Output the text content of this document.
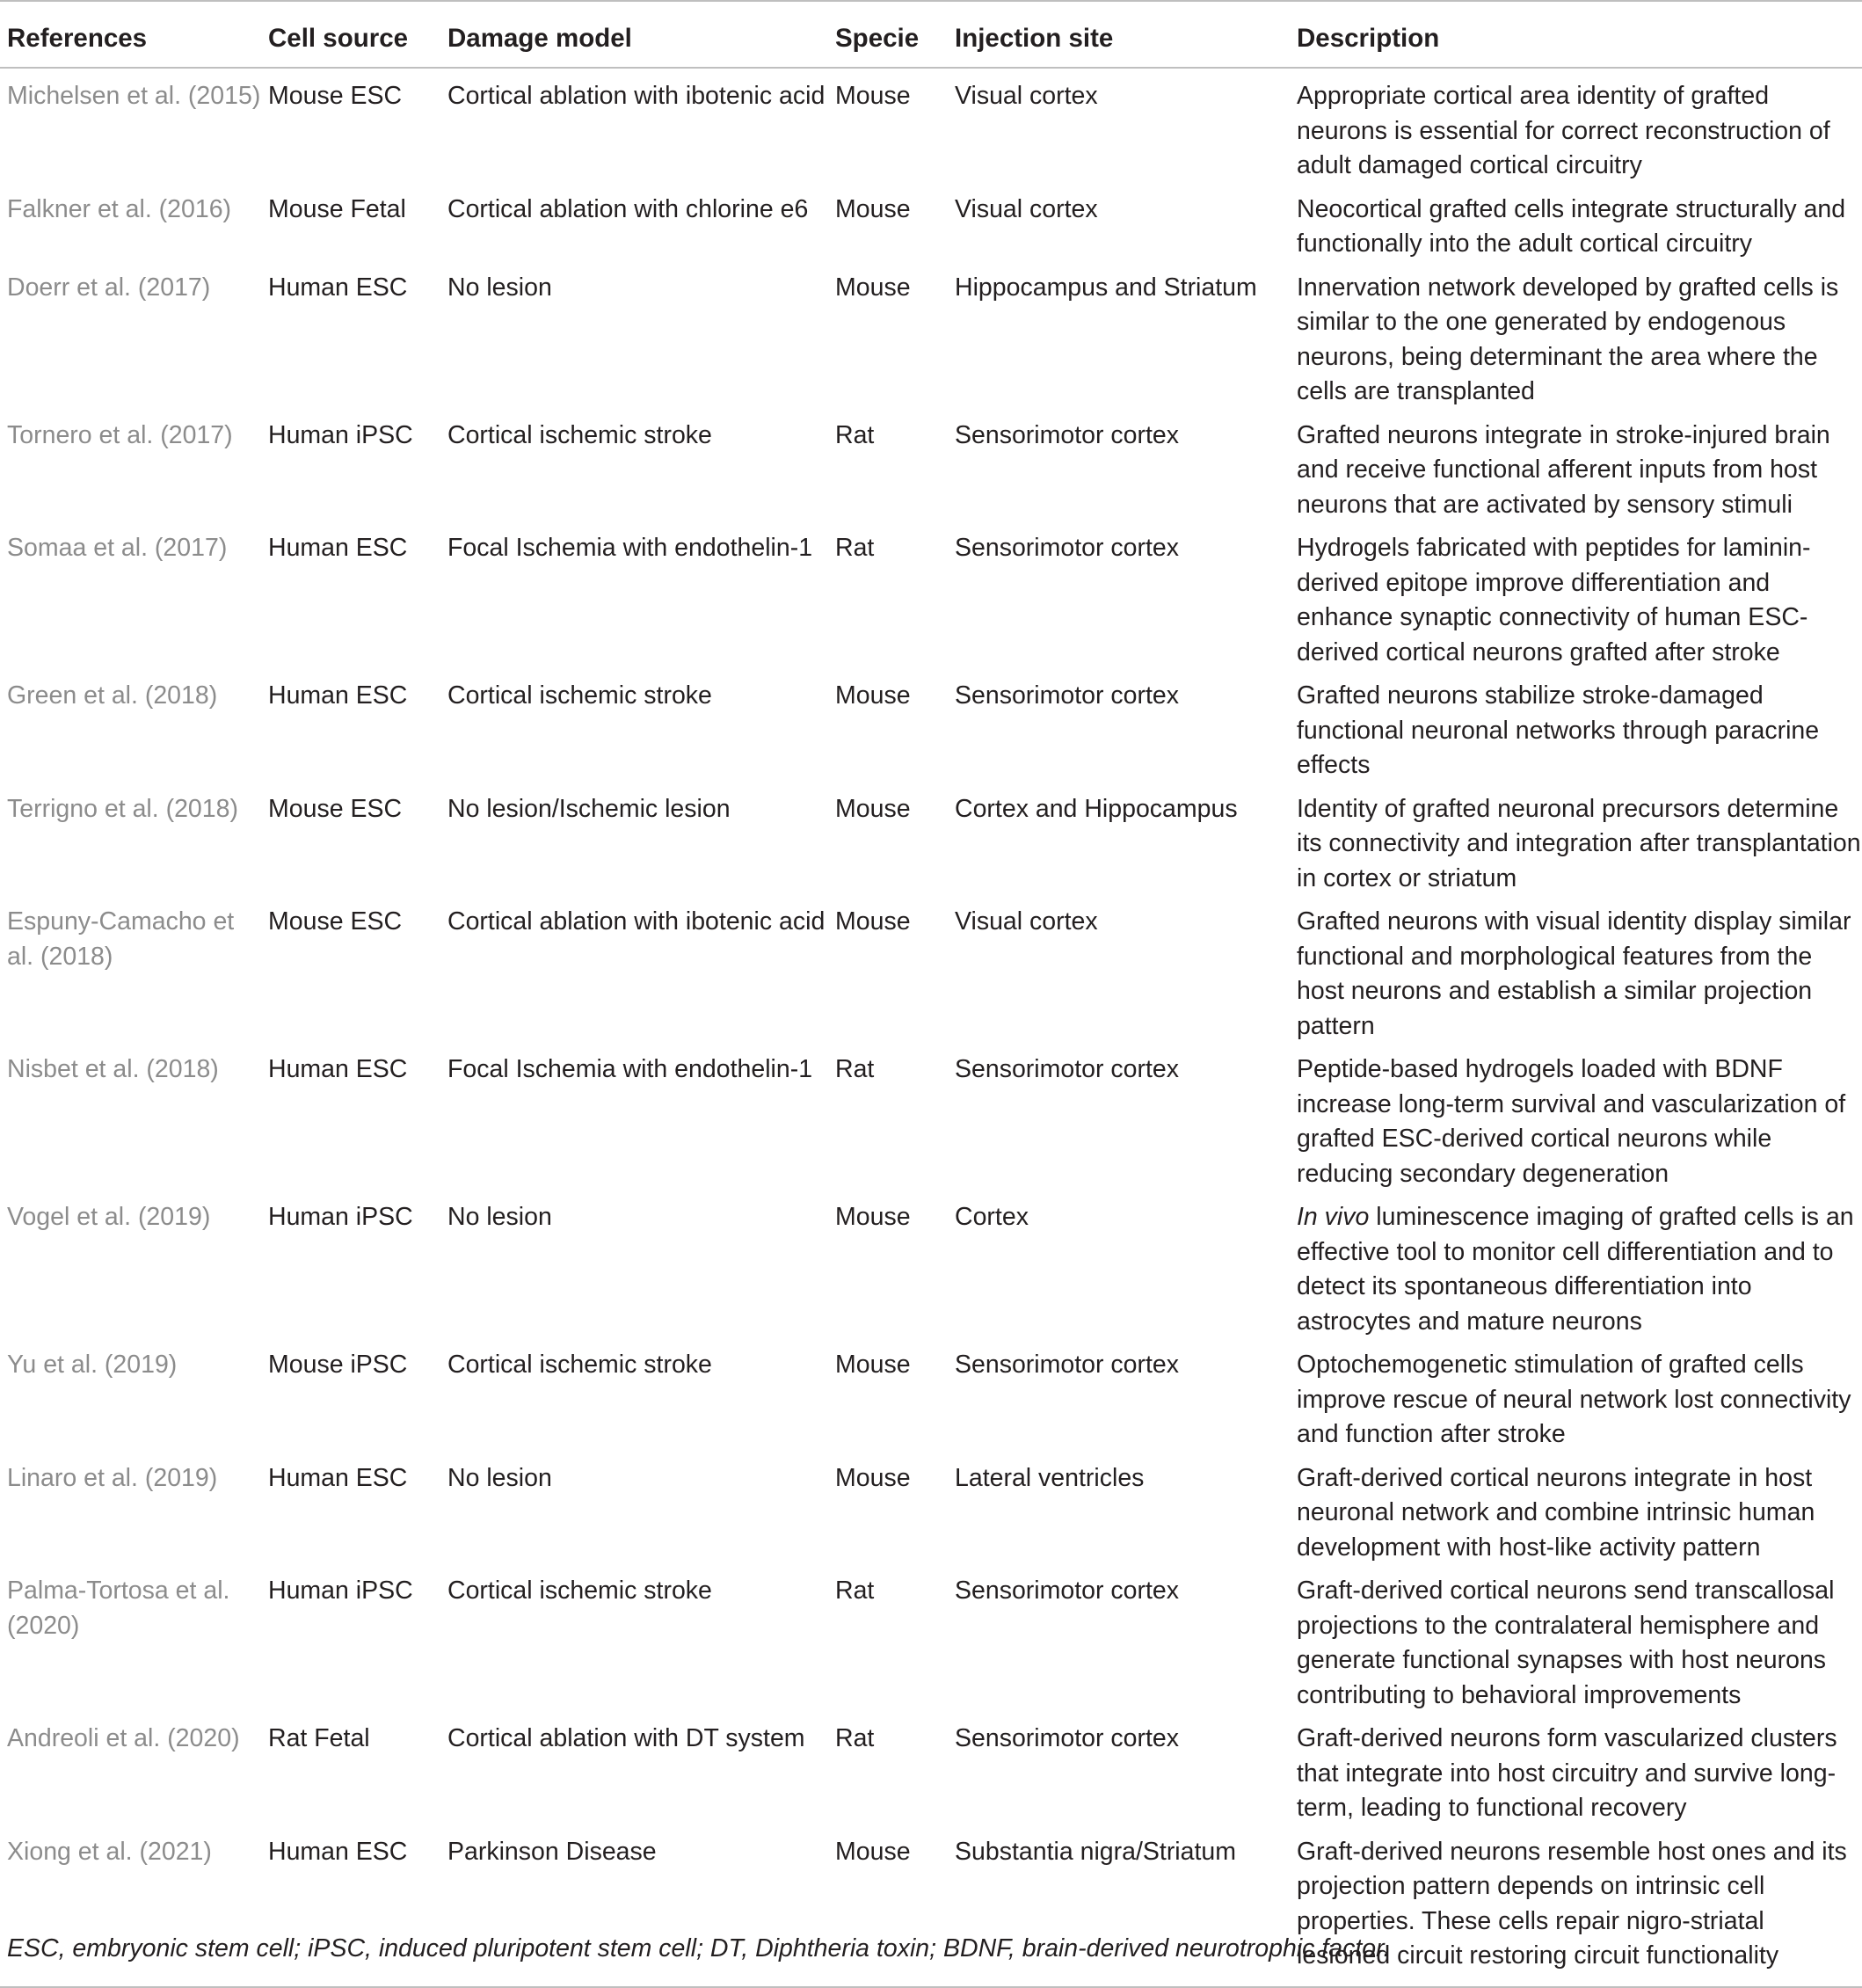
References	Cell source	Damage model	Specie	Injection site	Description
Michelsen et al. (2015)	Mouse ESC	Cortical ablation with ibotenic acid	Mouse	Visual cortex	Appropriate cortical area identity of grafted neurons is essential for correct reconstruction of adult damaged cortical circuitry
Falkner et al. (2016)	Mouse Fetal	Cortical ablation with chlorine e6	Mouse	Visual cortex	Neocortical grafted cells integrate structurally and functionally into the adult cortical circuitry
Doerr et al. (2017)	Human ESC	No lesion	Mouse	Hippocampus and Striatum	Innervation network developed by grafted cells is similar to the one generated by endogenous neurons, being determinant the area where the cells are transplanted
Tornero et al. (2017)	Human iPSC	Cortical ischemic stroke	Rat	Sensorimotor cortex	Grafted neurons integrate in stroke-injured brain and receive functional afferent inputs from host neurons that are activated by sensory stimuli
Somaa et al. (2017)	Human ESC	Focal Ischemia with endothelin-1	Rat	Sensorimotor cortex	Hydrogels fabricated with peptides for laminin-derived epitope improve differentiation and enhance synaptic connectivity of human ESC-derived cortical neurons grafted after stroke
Green et al. (2018)	Human ESC	Cortical ischemic stroke	Mouse	Sensorimotor cortex	Grafted neurons stabilize stroke-damaged functional neuronal networks through paracrine effects
Terrigno et al. (2018)	Mouse ESC	No lesion/Ischemic lesion	Mouse	Cortex and Hippocampus	Identity of grafted neuronal precursors determine its connectivity and integration after transplantation in cortex or striatum
Espuny-Camacho et al. (2018)	Mouse ESC	Cortical ablation with ibotenic acid	Mouse	Visual cortex	Grafted neurons with visual identity display similar functional and morphological features from the host neurons and establish a similar projection pattern
Nisbet et al. (2018)	Human ESC	Focal Ischemia with endothelin-1	Rat	Sensorimotor cortex	Peptide-based hydrogels loaded with BDNF increase long-term survival and vascularization of grafted ESC-derived cortical neurons while reducing secondary degeneration
Vogel et al. (2019)	Human iPSC	No lesion	Mouse	Cortex	In vivo luminescence imaging of grafted cells is an effective tool to monitor cell differentiation and to detect its spontaneous differentiation into astrocytes and mature neurons
Yu et al. (2019)	Mouse iPSC	Cortical ischemic stroke	Mouse	Sensorimotor cortex	Optochemogenetic stimulation of grafted cells improve rescue of neural network lost connectivity and function after stroke
Linaro et al. (2019)	Human ESC	No lesion	Mouse	Lateral ventricles	Graft-derived cortical neurons integrate in host neuronal network and combine intrinsic human development with host-like activity pattern
Palma-Tortosa et al. (2020)	Human iPSC	Cortical ischemic stroke	Rat	Sensorimotor cortex	Graft-derived cortical neurons send transcallosal projections to the contralateral hemisphere and generate functional synapses with host neurons contributing to behavioral improvements
Andreoli et al. (2020)	Rat Fetal	Cortical ablation with DT system	Rat	Sensorimotor cortex	Graft-derived neurons form vascularized clusters that integrate into host circuitry and survive long-term, leading to functional recovery
Xiong et al. (2021)	Human ESC	Parkinson Disease	Mouse	Substantia nigra/Striatum	Graft-derived neurons resemble host ones and its projection pattern depends on intrinsic cell properties. These cells repair nigro-striatal lesioned circuit restoring circuit functionality
ESC, embryonic stem cell; iPSC, induced pluripotent stem cell; DT, Diphtheria toxin; BDNF, brain-derived neurotrophic factor.
